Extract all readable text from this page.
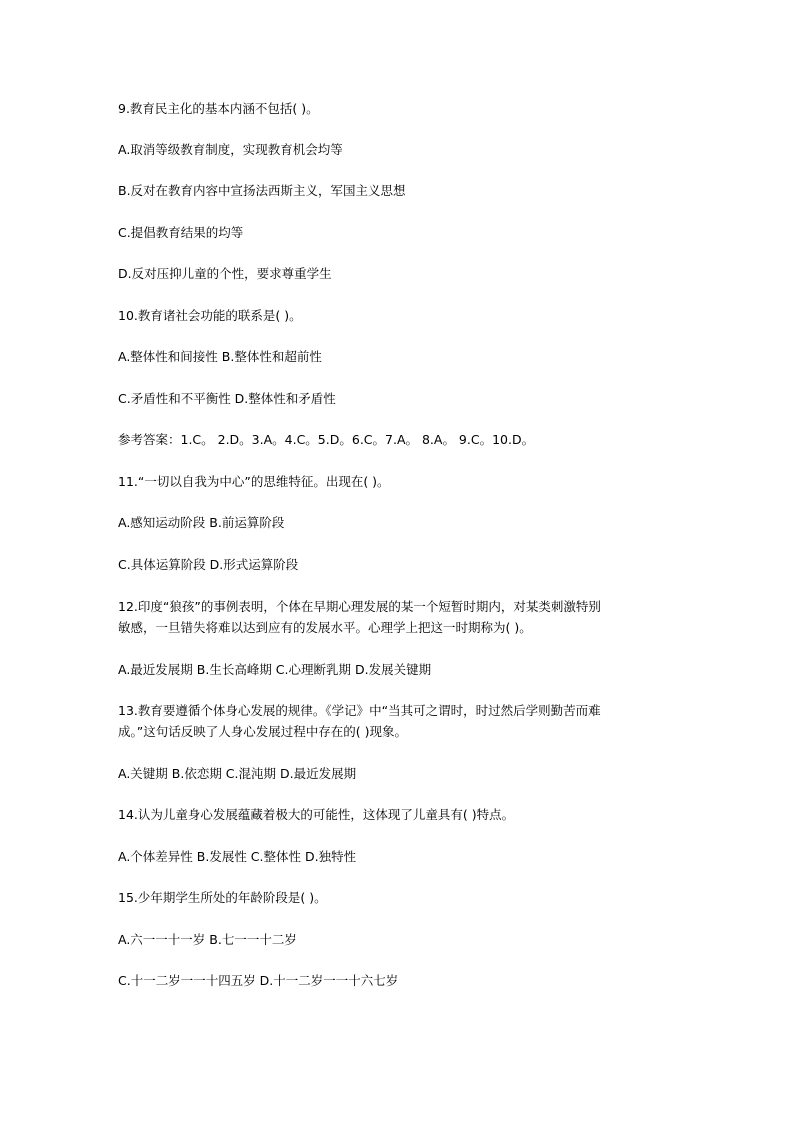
9.教育民主化的基本内涵不包括( )。
A.取消等级教育制度，实现教育机会均等
B.反对在教育内容中宣扬法西斯主义，军国主义思想
C.提倡教育结果的均等
D.反对压抑儿童的个性，要求尊重学生
10.教育诸社会功能的联系是( )。
A.整体性和间接性 B.整体性和超前性
C.矛盾性和不平衡性 D.整体性和矛盾性
参考答案：1.C。 2.D。3.A。4.C。5.D。6.C。7.A。 8.A。 9.C。10.D。
11.“一切以自我为中心”的思维特征。出现在( )。
A.感知运动阶段 B.前运算阶段
C.具体运算阶段 D.形式运算阶段
12.印度“狼孩”的事例表明，个体在早期心理发展的某一个短暂时期内，对某类刺激特别
敏感，一旦错失将难以达到应有的发展水平。心理学上把这一时期称为( )。
A.最近发展期 B.生长高峰期 C.心理断乳期 D.发展关键期
13.教育要遵循个体身心发展的规律。《学记》中“当其可之谓时，时过然后学则勤苦而难
成。”这句话反映了人身心发展过程中存在的( )现象。
A.关键期 B.依恋期 C.混沌期 D.最近发展期
14.认为儿童身心发展蕴藏着极大的可能性，这体现了儿童具有( )特点。
A.个体差异性 B.发展性 C.整体性 D.独特性
15.少年期学生所处的年龄阶段是( )。
A.六一一十一岁 B.七一一十二岁
C.十一二岁一一十四五岁 D.十一二岁一一十六七岁
